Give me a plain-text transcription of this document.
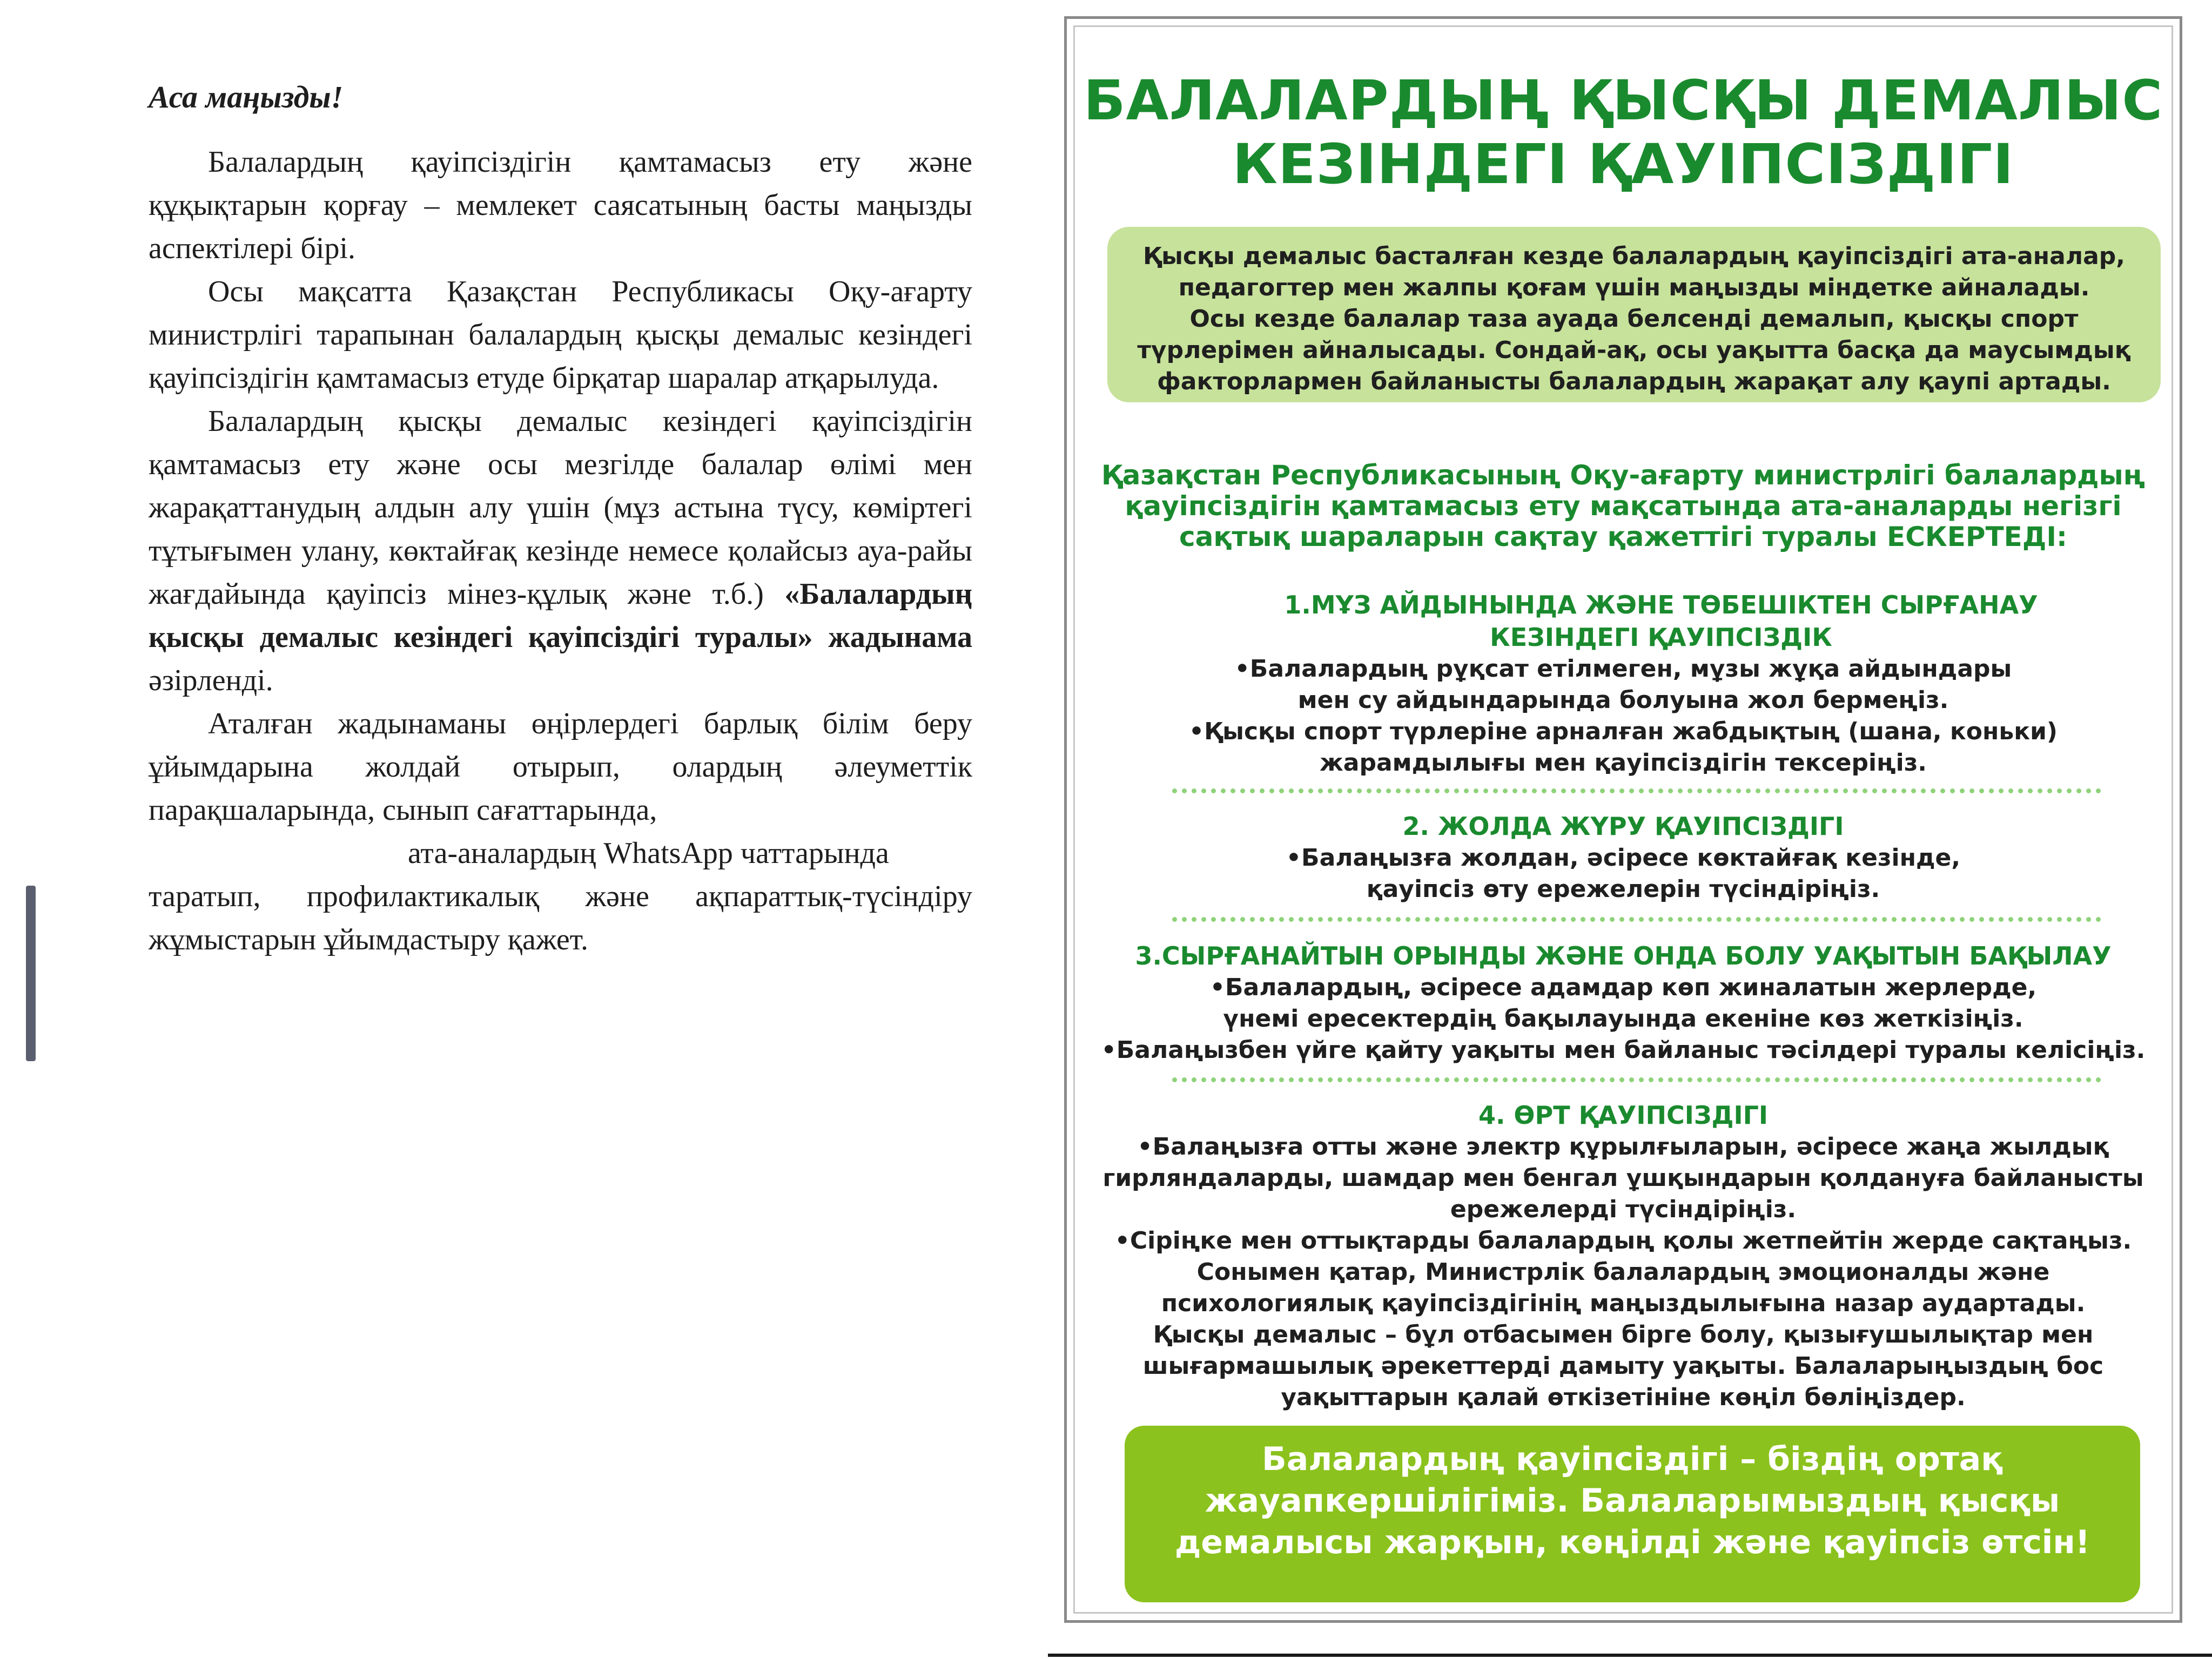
Аса маңызды!

Балалардың қауіпсіздігін қамтамасыз ету және құқықтарын қорғау – мемлекет саясатының басты маңызды аспектілері бірі.

Осы мақсатта Қазақстан Республикасы Оқу-ағарту министрлігі тарапынан балалардың қысқы демалыс кезіндегі қауіпсіздігін қамтамасыз етуде бірқатар шаралар атқарылуда.

Балалардың қысқы демалыс кезіндегі қауіпсіздігін қамтамасыз ету және осы мезгілде балалар өлімі мен жарақаттанудың алдын алу үшін (мұз астына түсу, көміртегі тұтығымен улану, көктайғақ кезінде немесе қолайсыз ауа-райы жағдайында қауіпсіз мінез-құлық және т.б.) «Балалардың қысқы демалыс кезіндегі қауіпсіздігі туралы» жадынама әзірленді.

Аталған жадынаманы өңірлердегі барлық білім беру ұйымдарына жолдай отырып, олардың әлеуметтік парақшаларында, сынып сағаттарында,

ата-аналардың WhatsApp чаттарында

таратып, профилактикалық және ақпараттық-түсіндіру жұмыстарын ұйымдастыру қажет.

БАЛАЛАРДЫҢ ҚЫСҚЫ ДЕМАЛЫС
КЕЗІНДЕГІ ҚАУІПСІЗДІГІ
Қысқы демалыс басталған кезде балалардың қауіпсіздігі ата-аналар,
педагогтер мен жалпы қоғам үшін маңызды міндетке айналады.
Осы кезде балалар таза ауада белсенді демалып, қысқы спорт
түрлерімен айналысады. Сондай-ақ, осы уақытта басқа да маусымдық
факторлармен байланысты балалардың жарақат алу қаупі артады.
Қазақстан Республикасының Оқу-ағарту министрлігі балалардың
қауіпсіздігін қамтамасыз ету мақсатында ата-аналарды негізгі
сақтық шараларын сақтау қажеттігі туралы ЕСКЕРТЕДІ:
1.МҰЗ АЙДЫНЫНДА ЖӘНЕ ТӨБЕШІКТЕН СЫРҒАНАУ
КЕЗІНДЕГІ ҚАУІПСІЗДІК
•Балалардың рұқсат етілмеген, мұзы жұқа айдындары
мен су айдындарында болуына жол бермеңіз.
•Қысқы спорт түрлеріне арналған жабдықтың (шана, коньки)
жарамдылығы мен қауіпсіздігін тексеріңіз.
2. ЖОЛДА ЖҮРУ ҚАУІПСІЗДІГІ
•Балаңызға жолдан, әсіресе көктайғақ кезінде,
қауіпсіз өту ережелерін түсіндіріңіз.
3.СЫРҒАНАЙТЫН ОРЫНДЫ ЖӘНЕ ОНДА БОЛУ УАҚЫТЫН БАҚЫЛАУ
•Балалардың, әсіресе адамдар көп жиналатын жерлерде,
үнемі ересектердің бақылауында екеніне көз жеткізіңіз.
•Балаңызбен үйге қайту уақыты мен байланыс тәсілдері туралы келісіңіз.
4. ӨРТ ҚАУІПСІЗДІГІ
•Балаңызға отты және электр құрылғыларын, әсіресе жаңа жылдық
гирляндаларды, шамдар мен бенгал ұшқындарын қолдануға байланысты
ережелерді түсіндіріңіз.
•Сіріңке мен оттықтарды балалардың қолы жетпейтін жерде сақтаңыз.
Сонымен қатар, Министрлік балалардың эмоционалды және
психологиялық қауіпсіздігінің маңыздылығына назар аудартады.
Қысқы демалыс – бұл отбасымен бірге болу, қызығушылықтар мен
шығармашылық әрекеттерді дамыту уақыты. Балаларыңыздың бос
уақыттарын қалай өткізетініне көңіл бөліңіздер.
Балалардың қауіпсіздігі – біздің ортақ
жауапкершілігіміз. Балаларымыздың қысқы
демалысы жарқын, көңілді және қауіпсіз өтсін!
